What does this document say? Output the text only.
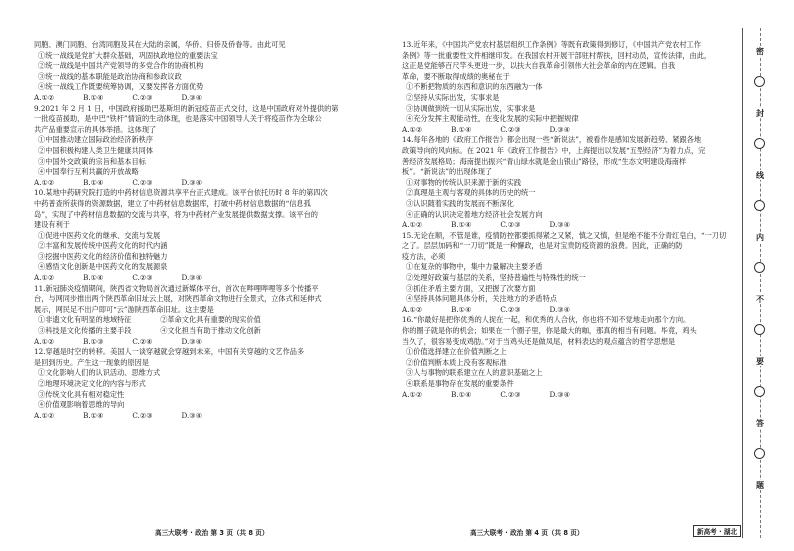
同胞、澳门同胞、台湾同胞及其在大陆的亲属，华侨、归侨及侨眷等。由此可见
①统一战线是党扩大群众基础，巩固执政地位的重要法宝
②统一战线是中国共产党领导的多党合作的协商机构
③统一战线的基本职能是政治协商和参政议政
④统一战线工作既要统筹协调，又要发挥各方面优势
A.①②　　　　B.①④　　　　C.②③　　　　D.③④
9.2021 年 2 月 1 日，中国政府援助巴基斯坦的新冠疫苗正式交付，这是中国政府对外提供的第
一批疫苗援助，是中巴“铁杆”情谊的生动体现，也是落实中国领导人关于将疫苗作为全球公
共产品重要宣示的具体举措。这体现了
①中国推动建立国际政治经济新秩序
②中国积极构建人类卫生健康共同体
③中国外交政策的宗旨和基本目标
④中国奉行互利共赢的开放战略
A.①②　　　　B.①④　　　　C.②③　　　　D.③④
10.某地中药研究院打造的中药材信息资源共享平台正式建成。该平台依托历时 8 年的第四次
中药普查所获得的资源数据，建立了中药材信息数据库，打破中药材信息数据的“信息孤
岛”，实现了中药材信息数据的交流与共享，将为中药材产业发展提供数据支撑。该平台的
建设有利于
①促进中医药文化的继承、交流与发展
②丰富和发展传统中医药文化的时代内涵
③挖掘中医药文化的经济价值和独特魅力
④感悟文化创新是中医药文化的发展源泉
A.①②　　　　B.①④　　　　C.②③　　　　D.③④
11.新冠肺炎疫情期间，陕西省文物局首次通过新媒体平台，首次在哔哩哔哩等多个传播平
台，与网同步推出两个陕西革命旧址云上展，对陕西革命文物进行全景式，立体式和延伸式
展示，网民足不出户即可“云”游陕西革命旧址。这主要是
①非遗文化有明显的地域特征　　　　②革命文化具有重要的现实价值
③科技是文化传播的主要手段　　　　④文化担当有助于推动文化创新
A.①②　　　　B.①③　　　　C.②④　　　　D.③④
12.穿越是时空的转移。美国人一谈穿越就会穿越到未来，中国有关穿越的文艺作品多
是回到历史。产生这一现象的原因是
①文化影响人们的认识活动、思维方式
②地理环境决定文化的内容与形式
③传统文化具有相对稳定性
④价值观影响着思维的导向
A.①②　　　　B.①④　　　　C.②③　　　　D.③④
13.近年来，《中国共产党农村基层组织工作条例》等既有政策得到修订，《中国共产党农村工作
条例》等一批重要性文件相继印发。在我国农村开展干部驻村帮扶，回村动员，宣传法律，由此，
这正是党能够百尺竿头更进一步，以扶大自我革命引领伟大社会革命的内在逻辑。自我
革命，要不断取得成绩的奥秘在于
①不断把物质的东西和意识的东西融为一体
②坚持从实际出发，实事求是
③协调做到统一切从实际出发，实事求是
④充分发挥主观能动性，在变化发展的实际中把握规律
A.①②　　　　B.①④　　　　C.②③　　　　D.③④
14.每年各地的《政府工作报告》都会出现一些“新说法”，被看作是感知发展新趋势、紧跟各地
政策导向的风向标。在 2021 年《政府工作报告》中，上海提出以发展“五型经济”为着力点，完
善经济发展格局；海南提出振兴“青山绿水就是金山银山”路径，形成“生态文明建设海南样
板”。“新说法”的出现体现了
①对事物的传统认识来源于新的实践
②真理是主观与客观的具体的历史的统一
③认识随着实践的发展而不断深化
④正确的认识决定着地方经济社会发展方向
A.①②　　　　B.①④　　　　C.②③　　　　D.③④
15.无论在顺，不管是谁，疫情防控都要抓得紧之又紧，慎之又慎，但是绝不能不分青红皂白，“一刀切
之了。层层加码和“一刀切”既是一种懈政，也是对宝贵防疫资源的浪费。因此，正确的防
疫方法，必须
①在复杂的事物中，集中力量解决主要矛盾
②处理好政策与基层的关系，坚持普遍性与特殊性的统一
③抓住矛盾主要方面，又把握了次要方面
④坚持具体问题具体分析，关注地方的矛盾特点
A.①②　　　　B.①④　　　　C.②③　　　　D.③④
16.“你最好是把你优秀的人捉在一起，和优秀的人合伙，你也将不知不觉地走向那个方向。
你的圈子就是你的机会；如果在一个圈子里，你是最大的咖，那真的相当有问题。毕竟，鸡头
当久了，很容易变成鸡肋。”对于当鸡头还是做凤尾，材料表达的观点蕴含的哲学思想是
①价值选择建立在价值判断之上
②价值判断本质上没有客观标准
③人与事物的联系建立在人的意识基础之上
④联系是事物存在发展的重要条件
A.①②　　　　B.①④　　　　C.②③　　　　D.③④
高三大联考 · 政治 第 3 页（共 8 页）	高三大联考 · 政治 第 4 页（共 8 页）	新高考 · 湖北
密
封
线
内
不
要
答
题
